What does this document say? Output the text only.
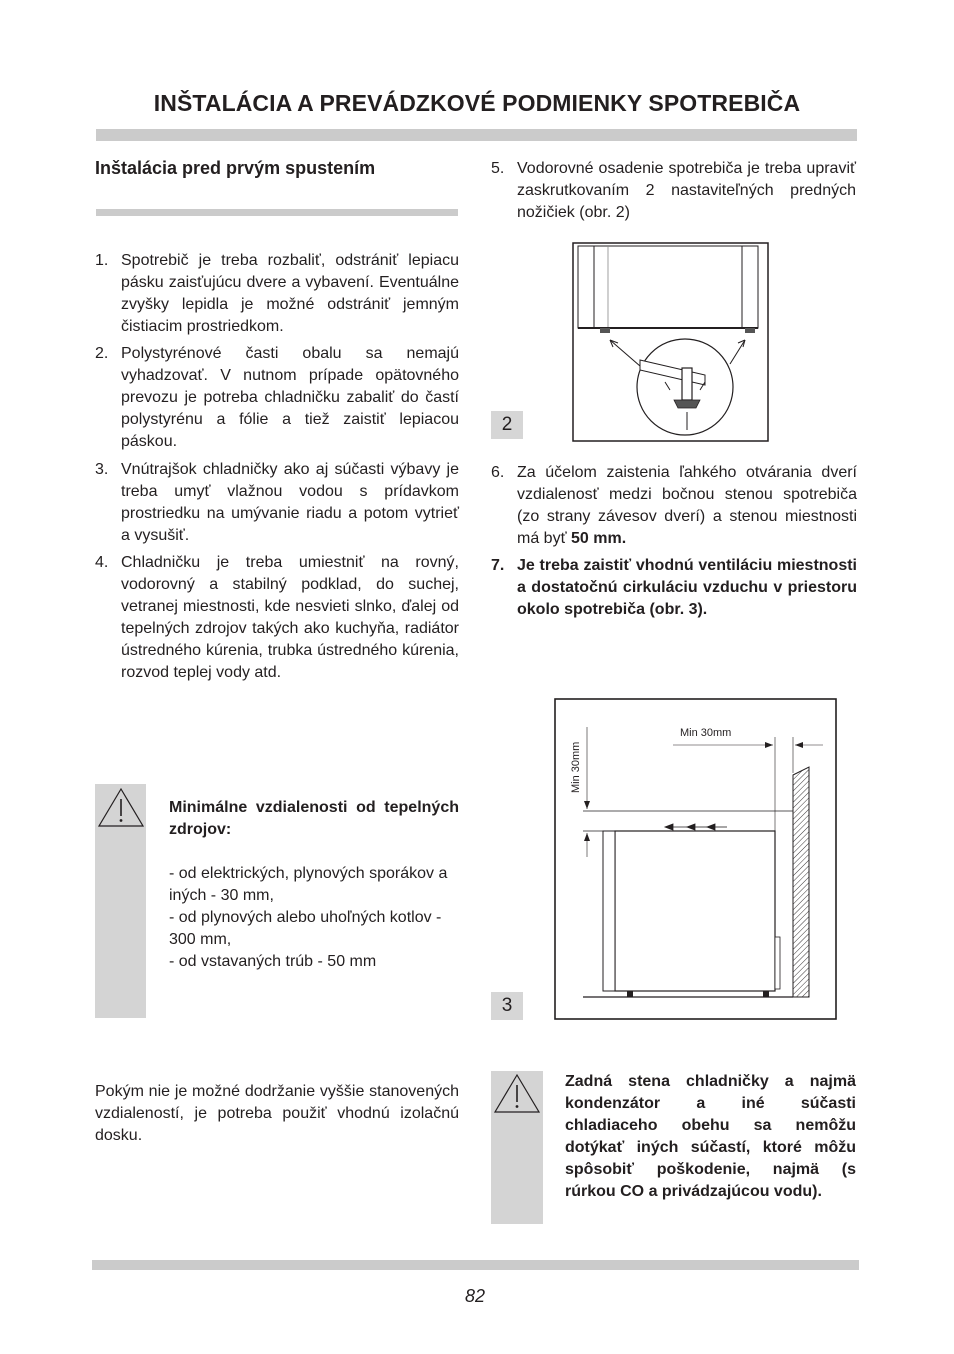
INŠTALÁCIA A PREVÁDZKOVÉ PODMIENKY SPOTREBIČA
Inštalácia pred prvým spustením
1. Spotrebič je treba rozbaliť, odstrániť lepiacu pásku zaisťujúcu dvere a vybavení. Eventuálne zvyšky lepidla je možné odstrániť jemným čistiacim prostriedkom.
2. Polystyrénové časti obalu sa nemajú vyhadzovať. V nutnom prípade opätovného prevozu je potreba chladničku zabaliť do častí polystyrénu a fólie a tiež zaistiť lepiacou páskou.
3. Vnútrajšok chladničky ako aj súčasti výbavy je treba umyť vlažnou vodou s prídavkom prostriedku na umývanie riadu a potom vytrieť a vysušiť.
4. Chladničku je treba umiestniť na rovný, vodorovný a stabilný podklad, do suchej, vetranej miestnosti, kde nesvieti slnko, ďalej od tepelných zdrojov takých ako kuchyňa, radiátor ústredného kúrenia, trubka ústredného kúrenia, rozvod teplej vody atd.
Minimálne vzdialenosti od tepelných zdrojov:
- od elektrických, plynových sporákov a iných - 30 mm,
- od plynových alebo uhoľných kotlov - 300 mm,
- od vstavaných trúb - 50 mm
Pokým nie je možné dodržanie vyššie stanovených vzdialeností, je potreba použiť vhodnú izolačnú dosku.
5. Vodorovné osadenie spotrebiča je treba upraviť zaskrutkovaním 2 nastaviteľných predných nožičiek (obr. 2)
2
6. Za účelom zaistenia ľahkého otvárania dverí vzdialenosť medzi bočnou stenou spotrebiča (zo strany závesov dverí) a stenou miestnosti má byť 50 mm.
7. Je treba zaistiť vhodnú ventiláciu miestnosti a dostatočnú cirkuláciu vzduchu v priestoru okolo spotrebiča (obr. 3).
Min 30mm
Min 30mm
3
Zadná stena chladničky a najmä kondenzátor a iné súčasti chladiaceho obehu sa nemôžu dotýkať iných súčastí, ktoré môžu spôsobiť poškodenie, najmä (s rúrkou CO a privádzajúcou vodu).
82
